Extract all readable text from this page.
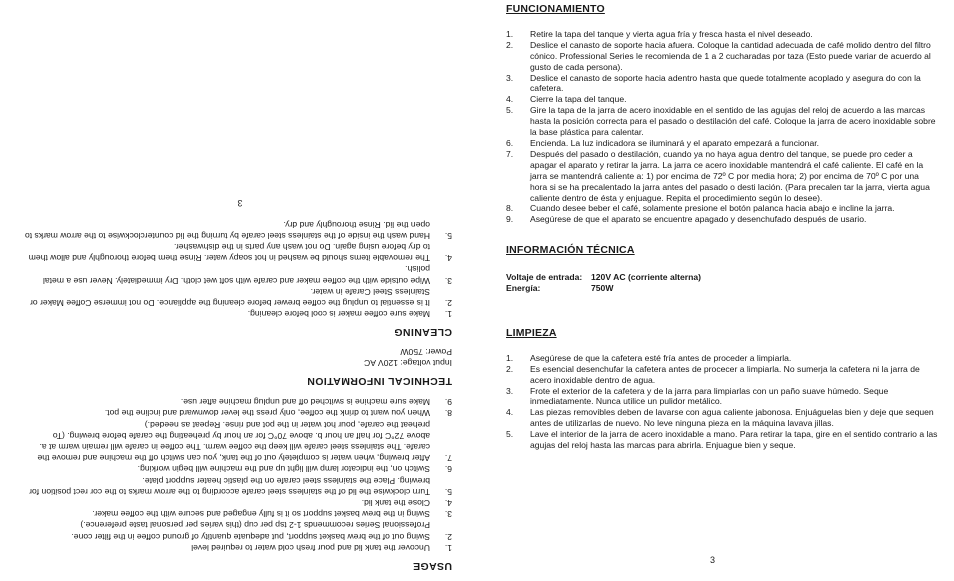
USAGE
1.
Uncover the tank lid and pour fresh cold water to required level
2.
Swing out of the brew basket support, put adequate quantity of ground coffee in the filter cone. Professional Series recommends 1-2 tsp per cup (this varies per personal taste preference.)
3.
Swing in the brew basket support so it is fully engaged and secure with the coffee maker.
4.
Close the tank lid.
5.
Turn clockwise the lid of the stainless steel carafe according to the arrow marks to the cor rect position for brewing. Place the stainless steel carafe on the plastic heater support plate.
6.
Switch on, the indicator lamp will light up and the machine will begin working.
7.
After brewing, when water is completely out of the tank, you can switch off the machine and remove the carafe. The stainless steel carafe will keep the coffee warm. The coffee in carafe will remain warm at a. above 72°C for half an hour b. above 70°C for an hour by preheating the carafe before brewing. (To preheat the carafe, pour hot water in the pot and rinse. Repeat as needed.)
8.
When you want to drink the coffee, only press the lever downward and incline the pot.
9.
Make sure machine is switched off and unplug machine after use.
TECHNICAL INFORMATION
Input voltage: 120V AC
Power: 750W
CLEANING
1.
Make sure coffee maker is cool before cleaning.
2.
It is essential to unplug the coffee brewer before cleaning the appliance. Do not immerse Coffee Maker or Stainless Steel Carafe in water.
3.
Wipe outside with the coffee maker and carafe with soft wet cloth. Dry immediately. Never use a metal polish.
4.
The removable items should be washed in hot soapy water. Rinse them before thoroughly and allow them to dry before using again. Do not wash any parts in the dishwasher.
5.
Hand wash the inside of the stainless steel carafe by turning the lid counterclockwise to the arrow marks to open the lid. Rinse thoroughly and dry.
3
FUNCIONAMIENTO
1.	Retire la tapa del tanque y vierta agua fría y fresca hasta el nivel deseado.
2.	Deslice el canasto de soporte hacia afuera. Coloque la cantidad adecuada de café molido dentro del filtro cónico. Professional Series le recomienda de 1 a 2 cucharadas por taza (Esto puede variar de acuerdo al gusto de cada persona).
3.	Deslice el canasto de soporte hacia adentro hasta que quede totalmente acoplado y asegura do con la cafetera.
4.	Cierre la tapa del tanque.
5.	Gire la tapa de la jarra de acero inoxidable en el sentido de las agujas del reloj de acuerdo a las marcas hasta la posición correcta para el pasado o destilación del café. Coloque la jarra de acero inoxidable sobre la base plástica para calentar.
6.	Encienda. La luz indicadora se iluminará y el aparato empezará a funcionar.
7.	Después del pasado o destilación, cuando ya no haya agua dentro del tanque, se puede pro ceder a apagar el aparato y retirar la jarra. La jarra ce acero inoxidable mantendrá el café caliente. El café en la jarra se mantendrá caliente a: 1) por encima de 72º C por media hora; 2) por encima de 70º C por una hora si se ha precalentado la jarra antes del pasado o desti lación. (Para precalen tar la jarra, vierta agua caliente dentro de ésta y enjuague. Repita el procedimiento según lo desee).
8.	Cuando desee beber el café, solamente presione el botón palanca hacia abajo e incline la jarra.
9.	Asegúrese de que el aparato se encuentre apagado y desenchufado después de usario.
INFORMACIÓN TÉCNICA
Voltaje de entrada:	120V AC (corriente alterna)
Energía:	750W
LIMPIEZA
1.	Asegúrese de que la cafetera esté fría antes de proceder a limpiarla.
2.	Es esencial desenchufar la cafetera antes de procecer a limpiarla. No sumerja la cafetera ni la jarra de acero inoxidable dentro de agua.
3.	Frote el exterior de la cafetera y de la jarra para limpiarlas con un paño suave húmedo. Seque inmediatamente. Nunca utilice un pulidor metálico.
4.	Las piezas removibles deben de lavarse con agua caliente jabonosa. Enjuáguelas bien y deje que sequen antes de utilizarlas de nuevo. No leve ninguna pieza en la máquina lavava jillas.
5.	Lave el interior de la jarra de acero inoxidable a mano. Para retirar la tapa, gire en el sentido contrario a las agujas del reloj hasta las marcas para abrirla. Enjuague bien y seque.
3
